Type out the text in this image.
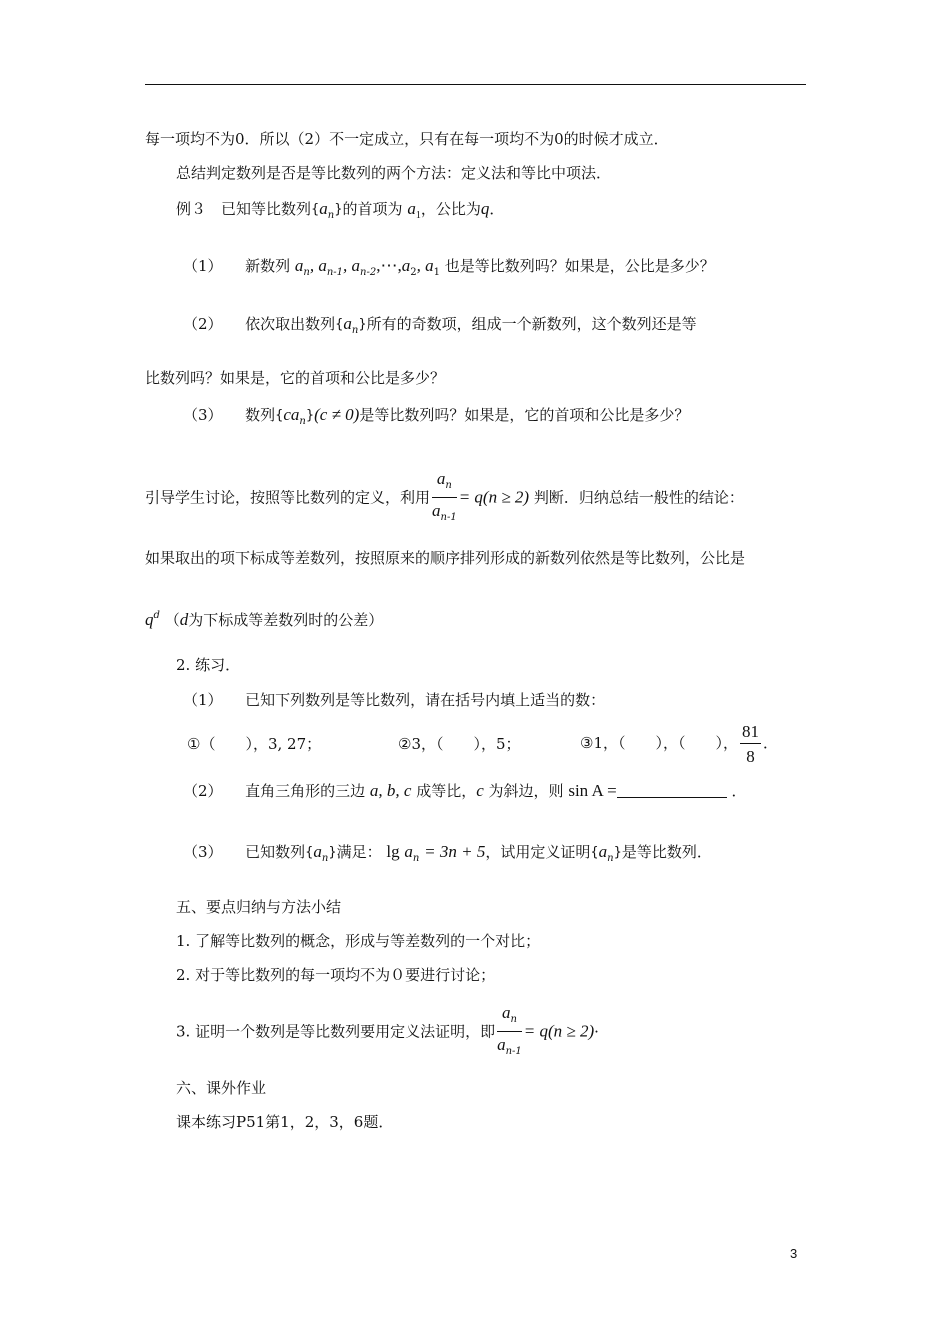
每一项均不为0．所以（2）不一定成立，只有在每一项均不为0的时候才成立．
总结判定数列是否是等比数列的两个方法：定义法和等比中项法．
例３　已知等比数列$\{a_n\}$的首项为 $a_1$，公比为q．
（1）　　 新数列 $a_n$, $a_{n-1}$, $a_{n-2},\cdots,a_2$, $a_1$ 也是等比数列吗？如果是，公比是多少？
（2）　　 依次取出数列$\{a_n\}$所有的奇数项，组成一个新数列，这个数列还是等
比数列吗？如果是，它的首项和公比是多少？
（3）　　 数列$\{ca_n\}(c \ne 0)$是等比数列吗？如果是，它的首项和公比是多少？
引导学生讨论，按照等比数列的定义，利用 $\frac{a_n}{a_{n-1}} = q(n \ge 2)$ 判断．归纳总结一般性的结论：
如果取出的项下标成等差数列，按照原来的顺序排列形成的新数列依然是等比数列，公比是
$q^d$ （d为下标成等差数列时的公差）
2. 练习．
（1）　　 已知下列数列是等比数列，请在括号内填上适当的数：
①（　　），3, 27；	②3，（　　），5；	③1，（　　），（　　）， $\frac{81}{8}$ ．
（2）　　 直角三角形的三边 a, b, c 成等比，c 为斜边，则 sin A =	．
（3）　　 已知数列$\{a_n\}$满足： $\lg a_n = 3n + 5$，试用定义证明$\{a_n\}$是等比数列．
五、要点归纳与方法小结
1. 了解等比数列的概念，形成与等差数列的一个对比；
2. 对于等比数列的每一项均不为０要进行讨论；
3. 证明一个数列是等比数列要用定义法证明，即 $\frac{a_n}{a_{n-1}} = q(n \ge 2)\cdot$
六、课外作业
课本练习P51第1，2，3，6题．
3
